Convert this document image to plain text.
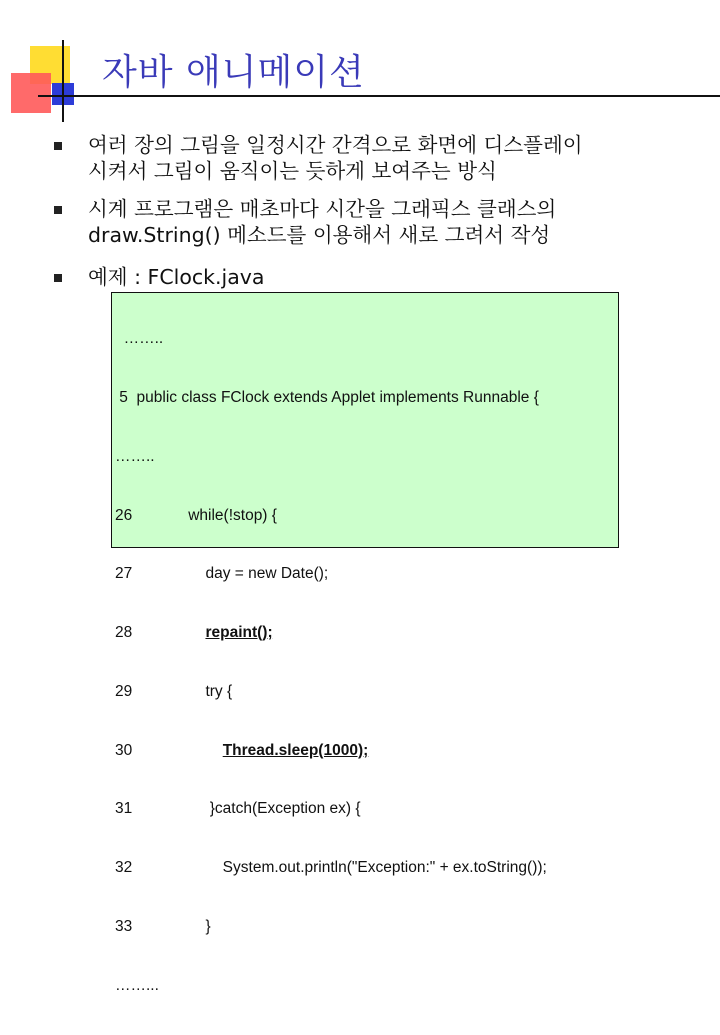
자바 애니메이션
여러 장의 그림을 일정시간 간격으로 화면에 디스플레이
시켜서 그림이 움직이는 듯하게 보여주는 방식
시계 프로그램은 매초마다 시간을 그래픽스 클래스의
draw.String() 메소드를 이용해서 새로 그려서 작성
예제 : FClock.java

……..

5  public class FClock extends Applet implements Runnable {

……..

26             while(!stop) {

27                 day = new Date();

28                 repaint();

29                 try {

30                     Thread.sleep(1000);

31                  }catch(Exception ex) {

32                     System.out.println("Exception:" + ex.toString());

33                 }

……...
